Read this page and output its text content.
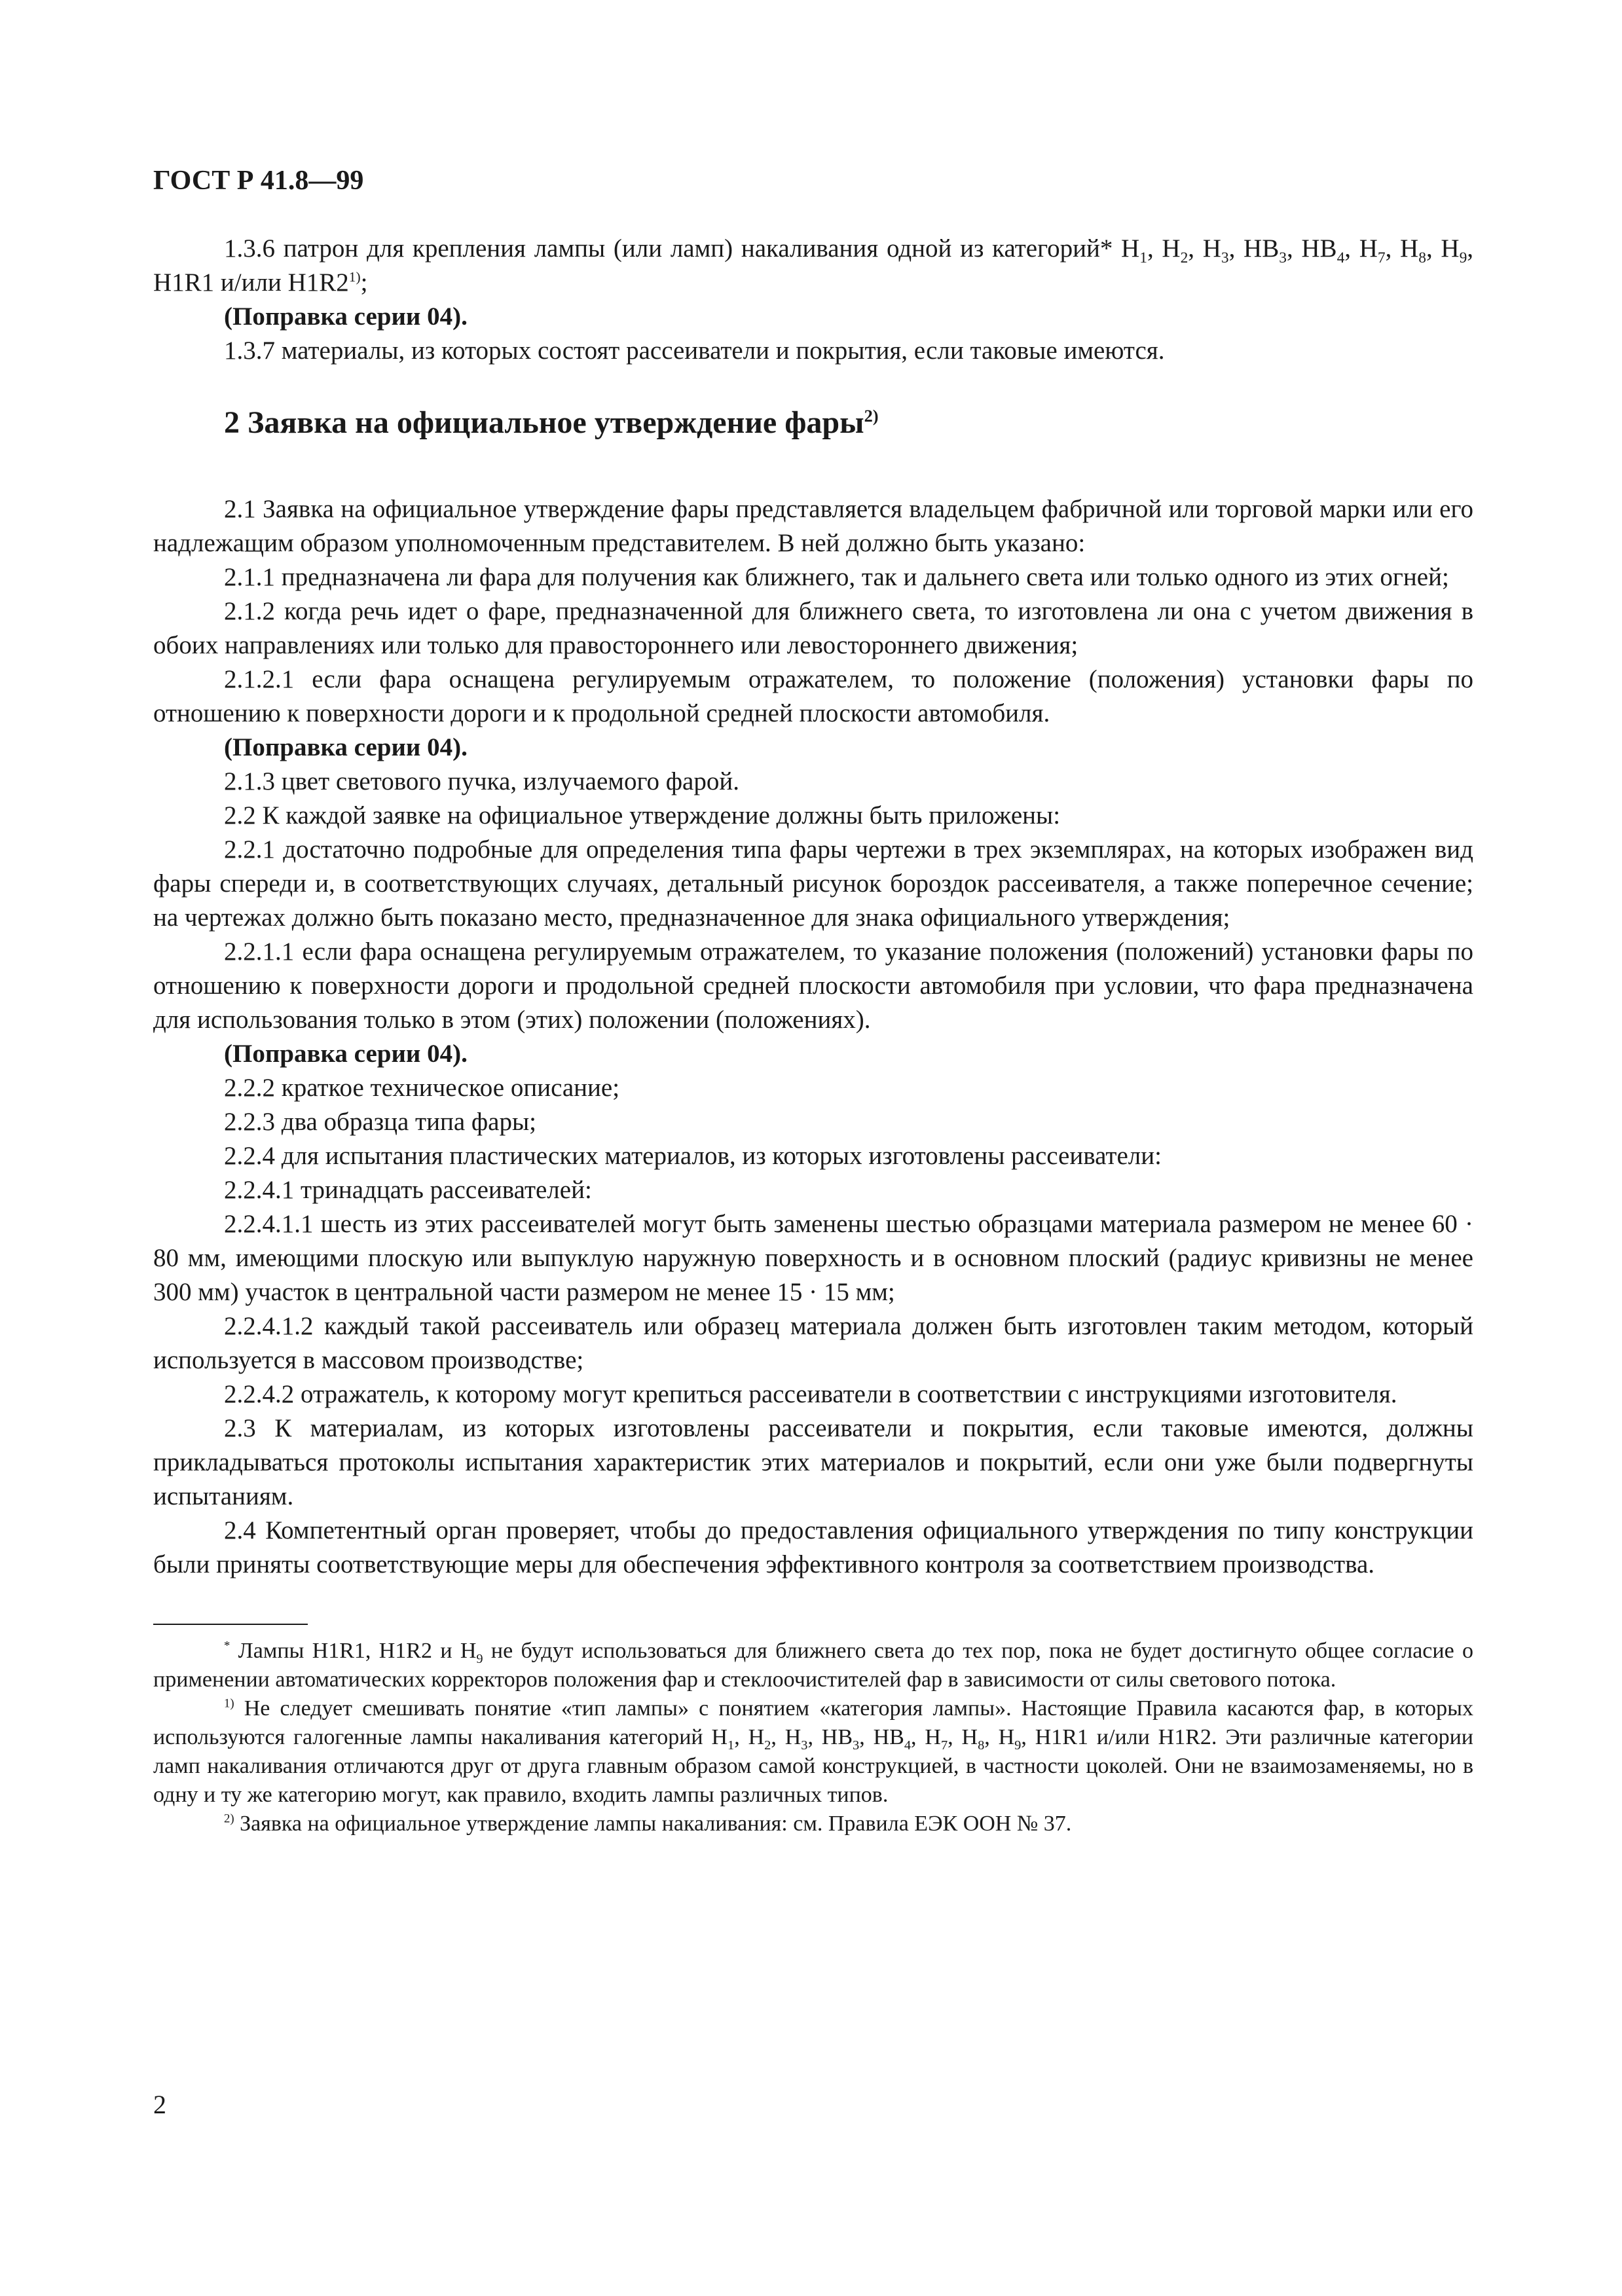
ГОСТ Р 41.8—99

1.3.6 патрон для крепления лампы (или ламп) накаливания одной из категорий* $H_1$, $H_2$, $H_3$, $HB_3$, $HB_4$, $H_7$, $H_8$, $H_9$, H1R1 и/или H1R2$^{1)}$;

(Поправка серии 04).

1.3.7 материалы, из которых состоят рассеиватели и покрытия, если таковые имеются.

2 Заявка на официальное утверждение фары$^{2)}$

2.1 Заявка на официальное утверждение фары представляется владельцем фабричной или торговой марки или его надлежащим образом уполномоченным представителем. В ней должно быть указано:

2.1.1 предназначена ли фара для получения как ближнего, так и дальнего света или только одного из этих огней;

2.1.2 когда речь идет о фаре, предназначенной для ближнего света, то изготовлена ли она с учетом движения в обоих направлениях или только для правостороннего или левостороннего движения;

2.1.2.1 если фара оснащена регулируемым отражателем, то положение (положения) установки фары по отношению к поверхности дороги и к продольной средней плоскости автомобиля.

(Поправка серии 04).

2.1.3 цвет светового пучка, излучаемого фарой.

2.2 К каждой заявке на официальное утверждение должны быть приложены:

2.2.1 достаточно подробные для определения типа фары чертежи в трех экземплярах, на которых изображен вид фары спереди и, в соответствующих случаях, детальный рисунок бороздок рассеивателя, а также поперечное сечение; на чертежах должно быть показано место, предназначенное для знака официального утверждения;

2.2.1.1 если фара оснащена регулируемым отражателем, то указание положения (положений) установки фары по отношению к поверхности дороги и продольной средней плоскости автомобиля при условии, что фара предназначена для использования только в этом (этих) положении (положениях).

(Поправка серии 04).

2.2.2 краткое техническое описание;

2.2.3 два образца типа фары;

2.2.4 для испытания пластических материалов, из которых изготовлены рассеиватели:

2.2.4.1 тринадцать рассеивателей:

2.2.4.1.1 шесть из этих рассеивателей могут быть заменены шестью образцами материала размером не менее 60 · 80 мм, имеющими плоскую или выпуклую наружную поверхность и в основном плоский (радиус кривизны не менее 300 мм) участок в центральной части размером не менее 15 · 15 мм;

2.2.4.1.2 каждый такой рассеиватель или образец материала должен быть изготовлен таким методом, который используется в массовом производстве;

2.2.4.2 отражатель, к которому могут крепиться рассеиватели в соответствии с инструкциями изготовителя.

2.3 К материалам, из которых изготовлены рассеиватели и покрытия, если таковые имеются, должны прикладываться протоколы испытания характеристик этих материалов и покрытий, если они уже были подвергнуты испытаниям.

2.4 Компетентный орган проверяет, чтобы до предоставления официального утверждения по типу конструкции были приняты соответствующие меры для обеспечения эффективного контроля за соответствием производства.

* Лампы H1R1, H1R2 и $H_9$ не будут использоваться для ближнего света до тех пор, пока не будет достигнуто общее согласие о применении автоматических корректоров положения фар и стеклоочистителей фар в зависимости от силы светового потока.

$^{1)}$ Не следует смешивать понятие «тип лампы» с понятием «категория лампы». Настоящие Правила касаются фар, в которых используются галогенные лампы накаливания категорий $H_1$, $H_2$, $H_3$, $HB_3$, $HB_4$, $H_7$, $H_8$, $H_9$, H1R1 и/или H1R2. Эти различные категории ламп накаливания отличаются друг от друга главным образом самой конструкцией, в частности цоколей. Они не взаимозаменяемы, но в одну и ту же категорию могут, как правило, входить лампы различных типов.

$^{2)}$ Заявка на официальное утверждение лампы накаливания: см. Правила ЕЭК ООН № 37.

2
